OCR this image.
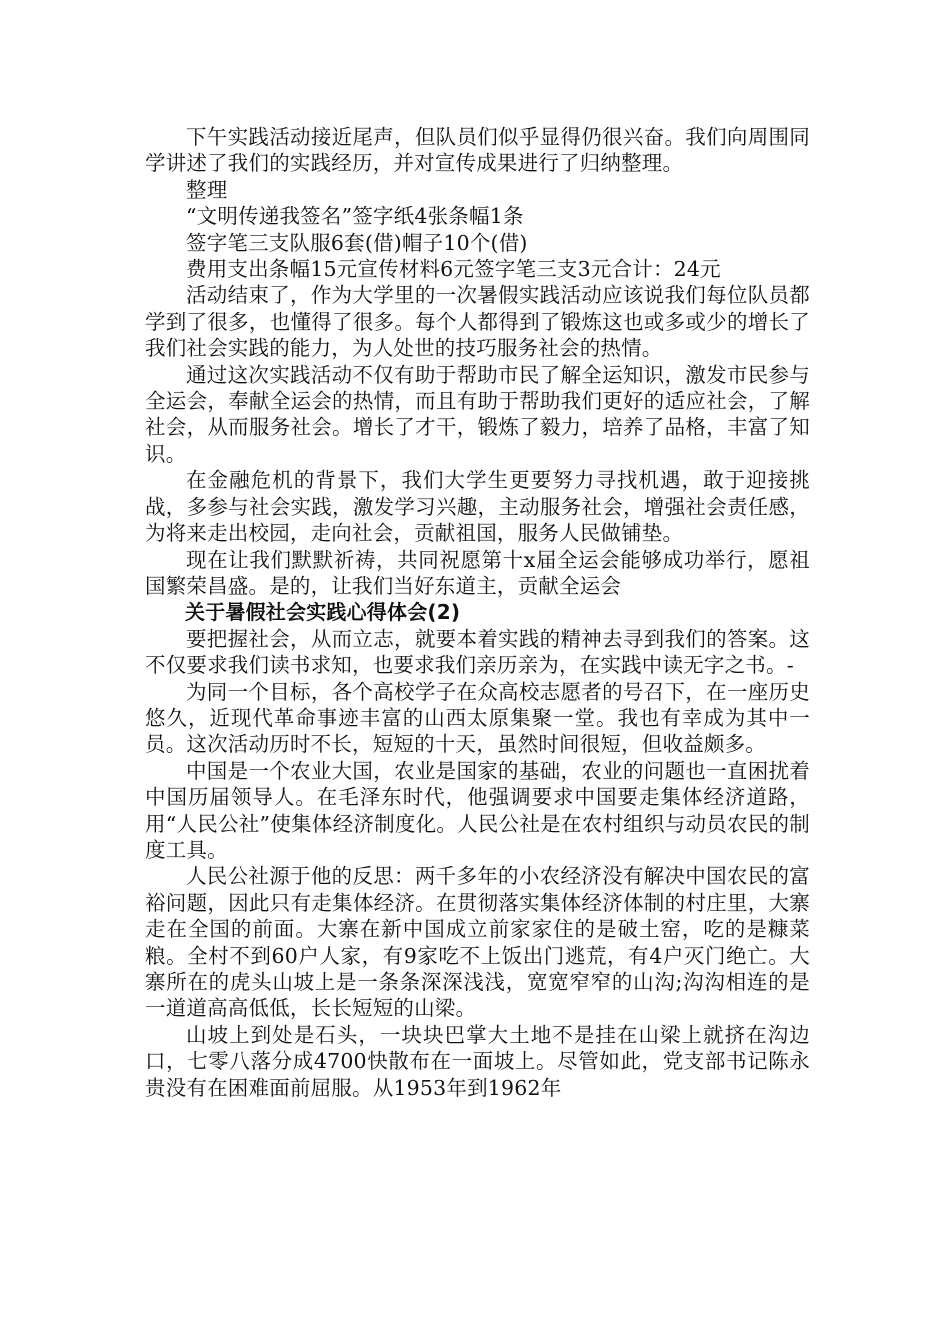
下午实践活动接近尾声，但队员们似乎显得仍很兴奋。我们向周围同学讲述了我们的实践经历，并对宣传成果进行了归纳整理。

整理

“文明传递我签名”签字纸4张条幅1条

签字笔三支队服6套(借)帽子10个(借)

费用支出条幅15元宣传材料6元签字笔三支3元合计：24元

活动结束了，作为大学里的一次暑假实践活动应该说我们每位队员都学到了很多，也懂得了很多。每个人都得到了锻炼这也或多或少的增长了我们社会实践的能力，为人处世的技巧服务社会的热情。

通过这次实践活动不仅有助于帮助市民了解全运知识，激发市民参与全运会，奉献全运会的热情，而且有助于帮助我们更好的适应社会，了解社会，从而服务社会。增长了才干，锻炼了毅力，培养了品格，丰富了知识。

在金融危机的背景下，我们大学生更要努力寻找机遇，敢于迎接挑战，多参与社会实践，激发学习兴趣，主动服务社会，增强社会责任感，为将来走出校园，走向社会，贡献祖国，服务人民做铺垫。

现在让我们默默祈祷，共同祝愿第十x届全运会能够成功举行，愿祖国繁荣昌盛。是的，让我们当好东道主，贡献全运会

关于暑假社会实践心得体会(2)

要把握社会，从而立志，就要本着实践的精神去寻到我们的答案。这不仅要求我们读书求知，也要求我们亲历亲为，在实践中读无字之书。-

为同一个目标，各个高校学子在众高校志愿者的号召下，在一座历史悠久，近现代革命事迹丰富的山西太原集聚一堂。我也有幸成为其中一员。这次活动历时不长，短短的十天，虽然时间很短，但收益颇多。

中国是一个农业大国，农业是国家的基础，农业的问题也一直困扰着中国历届领导人。在毛泽东时代，他强调要求中国要走集体经济道路，用“人民公社”使集体经济制度化。人民公社是在农村组织与动员农民的制度工具。

人民公社源于他的反思：两千多年的小农经济没有解决中国农民的富裕问题，因此只有走集体经济。在贯彻落实集体经济体制的村庄里，大寨走在全国的前面。大寨在新中国成立前家家住的是破土窑，吃的是糠菜粮。全村不到60户人家，有9家吃不上饭出门逃荒，有4户灭门绝亡。大寨所在的虎头山坡上是一条条深深浅浅，宽宽窄窄的山沟;沟沟相连的是一道道高高低低，长长短短的山梁。

山坡上到处是石头，一块块巴掌大土地不是挂在山梁上就挤在沟边口，七零八落分成4700快散布在一面坡上。尽管如此，党支部书记陈永贵没有在困难面前屈服。从1953年到1962年
